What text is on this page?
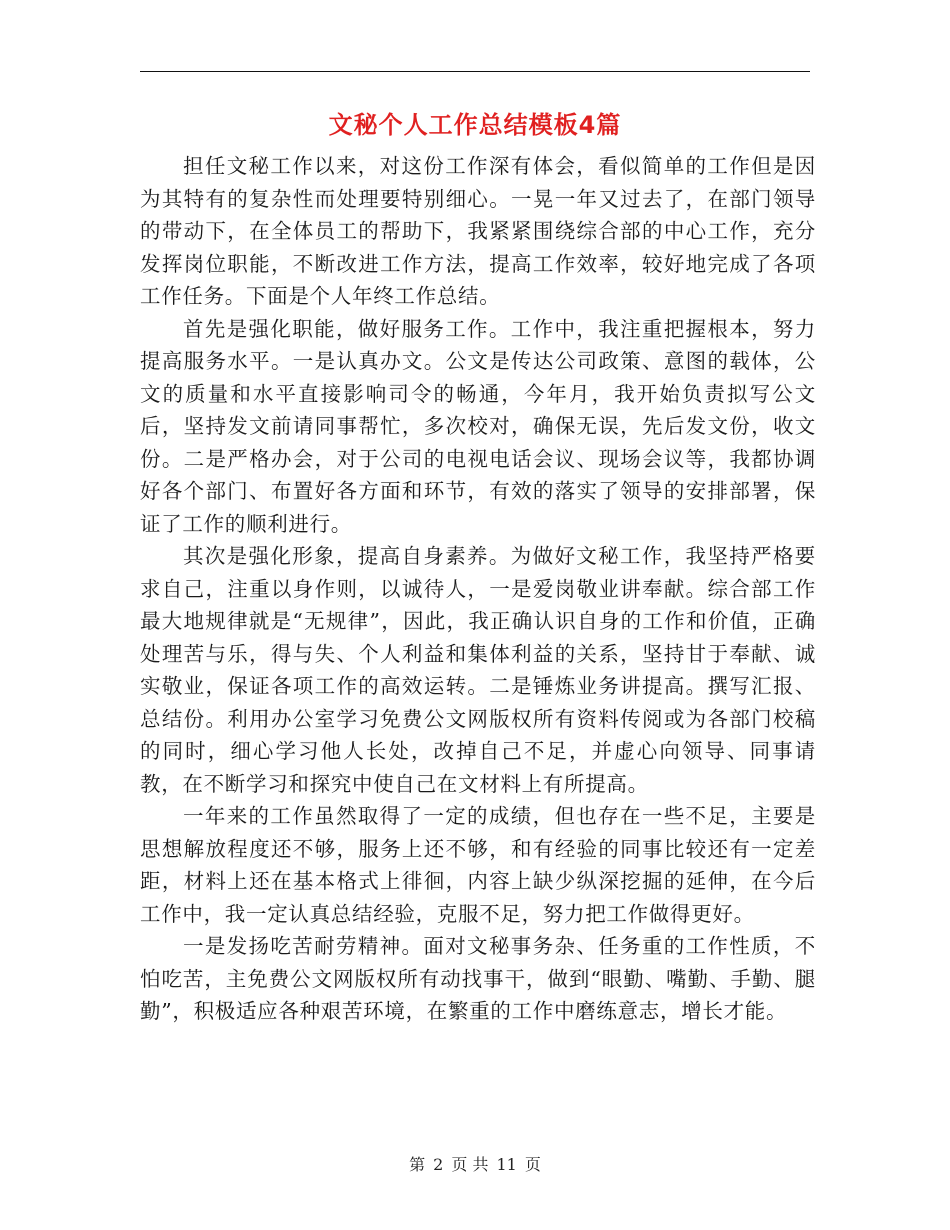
文秘个人工作总结模板4篇

担任文秘工作以来，对这份工作深有体会，看似简单的工作但是因为其特有的复杂性而处理要特别细心。一晃一年又过去了，在部门领导的带动下，在全体员工的帮助下，我紧紧围绕综合部的中心工作，充分发挥岗位职能，不断改进工作方法，提高工作效率，较好地完成了各项工作任务。下面是个人年终工作总结。

首先是强化职能，做好服务工作。工作中，我注重把握根本，努力提高服务水平。一是认真办文。公文是传达公司政策、意图的载体，公文的质量和水平直接影响司令的畅通，今年月，我开始负责拟写公文后，坚持发文前请同事帮忙，多次校对，确保无误，先后发文份，收文份。二是严格办会，对于公司的电视电话会议、现场会议等，我都协调好各个部门、布置好各方面和环节，有效的落实了领导的安排部署，保证了工作的顺利进行。

其次是强化形象，提高自身素养。为做好文秘工作，我坚持严格要求自己，注重以身作则，以诚待人，一是爱岗敬业讲奉献。综合部工作最大地规律就是“无规律”，因此，我正确认识自身的工作和价值，正确处理苦与乐，得与失、个人利益和集体利益的关系，坚持甘于奉献、诚实敬业，保证各项工作的高效运转。二是锤炼业务讲提高。撰写汇报、总结份。利用办公室学习免费公文网版权所有资料传阅或为各部门校稿的同时，细心学习他人长处，改掉自己不足，并虚心向领导、同事请教，在不断学习和探究中使自己在文材料上有所提高。

一年来的工作虽然取得了一定的成绩，但也存在一些不足，主要是思想解放程度还不够，服务上还不够，和有经验的同事比较还有一定差距，材料上还在基本格式上徘徊，内容上缺少纵深挖掘的延伸，在今后工作中，我一定认真总结经验，克服不足，努力把工作做得更好。

一是发扬吃苦耐劳精神。面对文秘事务杂、任务重的工作性质，不怕吃苦，主免费公文网版权所有动找事干，做到“眼勤、嘴勤、手勤、腿勤”，积极适应各种艰苦环境，在繁重的工作中磨练意志，增长才能。

第 2 页 共 11 页
